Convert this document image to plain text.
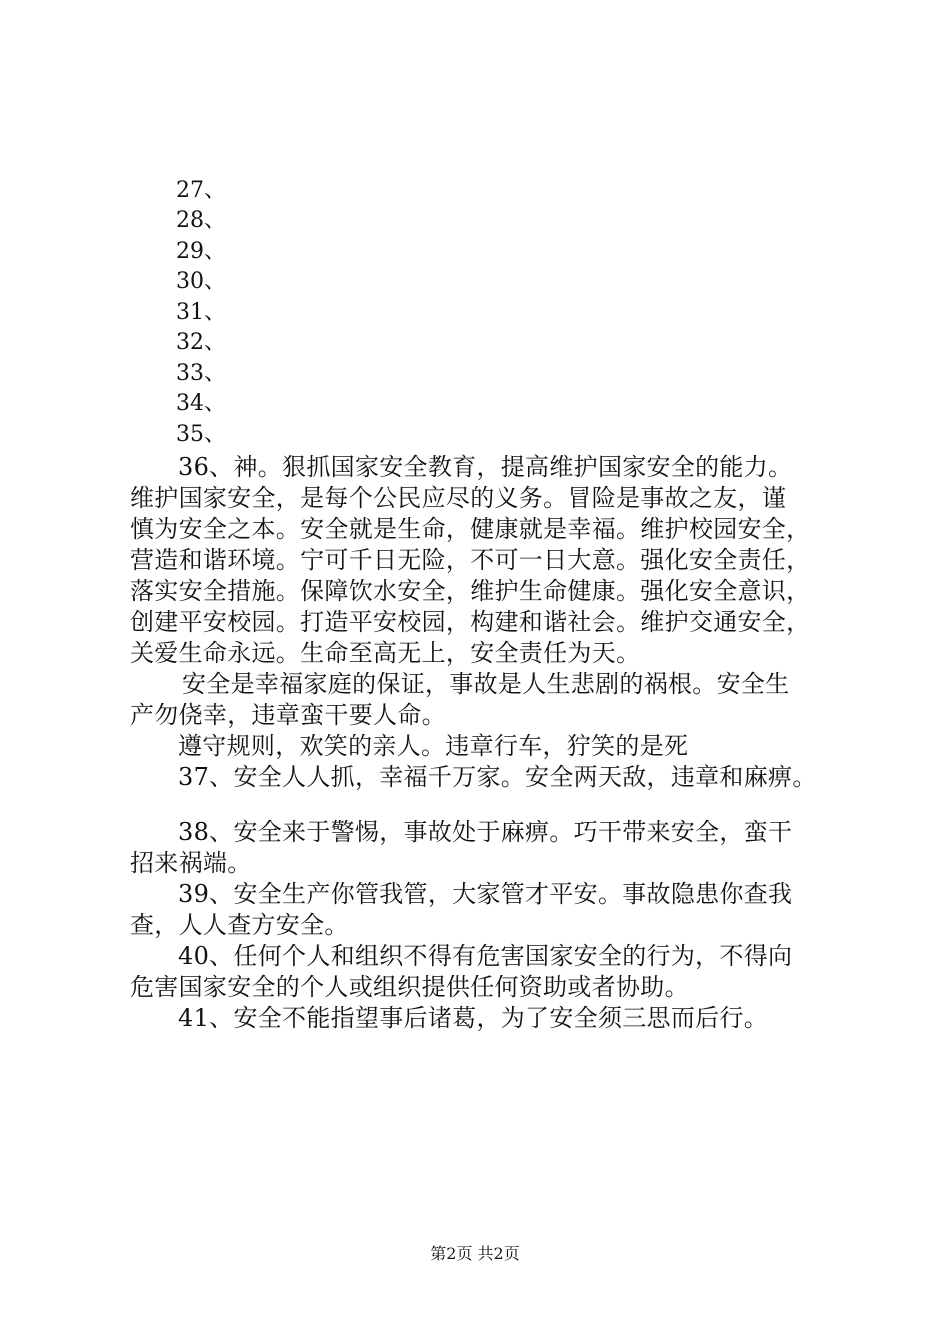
27、
28、
29、
30、
31、
32、
33、
34、
35、
36、神。狠抓国家安全教育，提高维护国家安全的能力。
维护国家安全，是每个公民应尽的义务。冒险是事故之友，谨
慎为安全之本。安全就是生命，健康就是幸福。维护校园安全，
营造和谐环境。宁可千日无险，不可一日大意。强化安全责任，
落实安全措施。保障饮水安全，维护生命健康。强化安全意识，
创建平安校园。打造平安校园，构建和谐社会。维护交通安全，
关爱生命永远。生命至高无上，安全责任为天。
安全是幸福家庭的保证，事故是人生悲剧的祸根。安全生
产勿侥幸，违章蛮干要人命。
遵守规则，欢笑的亲人。违章行车，狞笑的是死
37、安全人人抓，幸福千万家。安全两天敌，违章和麻痹。
38、安全来于警惕，事故处于麻痹。巧干带来安全，蛮干
招来祸端。
39、安全生产你管我管，大家管才平安。事故隐患你查我
查，人人查方安全。
40、任何个人和组织不得有危害国家安全的行为，不得向
危害国家安全的个人或组织提供任何资助或者协助。
41、安全不能指望事后诸葛，为了安全须三思而后行。
第2页 共2页
